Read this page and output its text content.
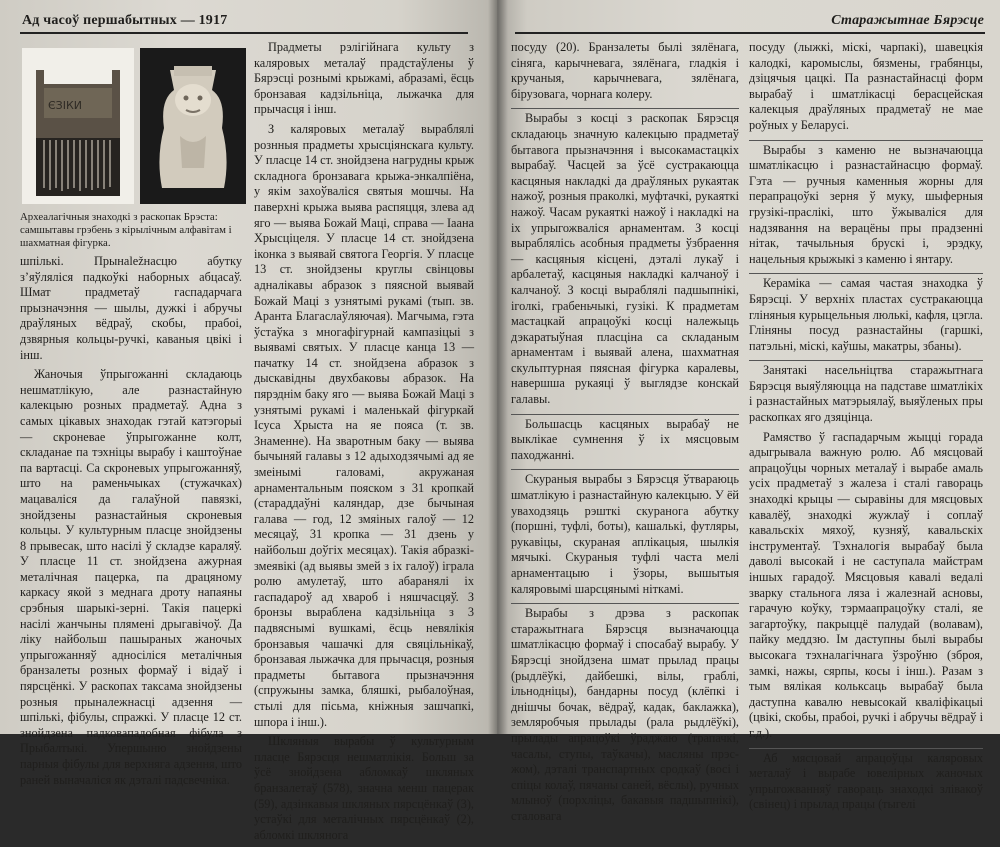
Ад часоў першабытных — 1917
ЄЗІКИ
Археалагічныя знаходкі з раскопак Брэста: самшытавы грэбень з кірылічным алфавітам і шахматная фігурка.

шпількі. Прынаležнасцю абутку з’яўляліся падкоўкі наборных абцасаў. Шмат прадметаў гаспадарчага прызначэння — шылы, дужкі і абручы драўляных вёдраў, скобы, прабоі, дзвярныя кольцы-ручкі, каваныя цвікі і інш.

Жаночыя ўпрыгожанні складаюць нешматлікую, але разнастайную калекцыю розных прадметаў. Адна з самых цікавых знаходак гэтай катэгорыі — скроневае ўпрыгожанне колт, складанае па тэхніцы вырабу і каштоўнае па вартасці. Са скроневых упрыгожанняў, што на раменьчыках (стужачках) мацаваліся да галаўной павязкі, знойдзены разнастайныя скроневыя кольцы. У культурным пласце знойдзены 8 прывесак, што насілі ў складзе караляў. У пласце 11 ст. знойдзена ажурная металічная пацерка, па драцяному каркасу якой з меднага дроту напаяны срэбныя шарыкі-зерні. Такія пацеркі насілі жанчыны плямені дрыгавічоў. Да ліку найбольш пашыраных жаночых упрыгожанняў адносіліся металічныя бранзалеты розных формаў і відаў і пярсцёнкі. У раскопах таксама знойдзены розныя прыналежнасці адзення — шпількі, фібулы, спражкі. У пласце 12 ст. знойдзена падковападобная фібула з Прыбалтыкі. Упершыню знойдзены парныя фібулы для верхняга адзення, што раней выначаліся як дэталі падсвечніка.

Прадметы рэлігійнага культу з каляровых металаў прадстаўлены ў Бярэсці рознымі крыжамі, абразамі, ёсць бронзавая кадзільніца, лыжачка для прычасця і інш.

З каляровых металаў выраблялі рознныя прадметы хрысціянскага культу. У пласце 14 ст. знойдзена нагрудны крыж складнога бронзавага крыжа-энкалпіёна, у якім захоўваліся святыя мошчы. На паверхні крыжа выява распяцця, злева ад яго — выява Божай Маці, справа — Іаана Хрысціцеля. У пласце 14 ст. знойдзена іконка з выявай святога Георгія. У пласце 13 ст. знойдзены круглы свінцовы адналiкавы абразок з пяясной выявай Божай Маці з узнятымі рукамі (тып. зв. Аранта Благаслаўляючая). Магчыма, гэта ўстаўка з многафігурнай кампазіцыі з выявамі святых. У пласце канца 13 — пачатку 14 ст. знойдзена абразок з дыскавідны двухбаковы абразок. На пярэднім баку яго — выява Божай Маці з узнятымі рукамі і маленькай фігуркай Ісуса Хрыста на яе пояса (т. зв. Знаменне). На зваротным баку — выява бычыняй галавы з 12 адыходзячымі ад яе змеінымі галовамі, акружаная арнаментальным пояском з 31 кропкай (стараддаўні каляндар, дзе бычыная галава — год, 12 змяіных галоў — 12 месяцаў, 31 кропка — 31 дзень у найбольш доўгіх месяцах). Такія абразкі-змеявікі (ад выявы змей з іх галоў) іграла ролю амулетаў, што абаранялі іх гаспадароў ад хвароб і няшчасцяў. З бронзы выраблена кадзільніца з 3 падвяснымі вушкамі, ёсць невялікія бронзавыя чашачкі для свяцільнікаў, бронзавая лыжачка для прычасця, розныя прадметы бытавога прызначэння (спружыны замка, бляшкі, рыбалоўная, стылі для пісьма, кніжныя зашчапкі, шпора і інш.).

Шкляныя вырабы ў культурным пласце Бярэсця нешматлікія. Больш за ўсё знойдзена абломкаў шкляных бранзалетаў (578), значна менш пацерак (59), адзінкавыя шкляных пярсцёнкаў (3), устаўкі для металічных пярсцёнкаў (2), абломкі шклянога

Старажытнае Бярэсце

посуду (20). Бранзалеты былі зялёнага, сіняга, карычневага, зялёнага, гладкія і кручаныя, карычневага, зялёнага, бірузовага, чорнага колеру.

Вырабы з косці з раскопак Бярэсця складаюць значную калекцыю прадметаў бытавога прызначэння і высокамастацкіх вырабаў. Часцей за ўсё сустракаюцца касцяныя накладкі да драўляных рукаятак нажоў, розныя праколкі, муфтачкі, рукаяткі нажоў. Часам рукаяткі нажоў і накладкі на іх упрыгожваліся арнаментам. З косці выраблялісь асобныя прадметы ўзбраення — касцяныя кісцені, дэталі лукаў і арбалетаў, касцяныя накладкі калчаноў і калчаноў. З косці выраблялі падшыпнікі, іголкі, грабеньчыкі, гузікі. К прадметам мастацкай апрацоўкі косці належыць дэкаратыўная пласціна са складаным арнаментам і выявай алена, шахматная скульптурная пяясная фігурка каралевы, навершша рукаяці ў выглядзе конскай галавы.

Большасць касцяных вырабаў не выклікае сумнення ў іх мясцовым паходжанні.

Скураныя вырабы з Бярэсця ўтвараюць шматлікую і разнастайную калекцыю. У ёй уваходзяць рэшткі скуранога абутку (поршні, туфлі, боты), кашалькі, футляры, рукавіцы, скураная аплікацыя, шылкія мячыкі. Скураныя туфлі часта мелі арнаментацыю і ўзоры, вышытыя каляровымі шарсцянымі ніткамі.

Вырабы з дрэва з раскопак старажытнага Бярэсця вызначаюцца шматлікасцю формаў і спосабаў вырабу. У Бярэсці знойдзена шмат прылад працы (рыдлёўкі, дайбешкі, вілы, граблі, ільнодніцы), бандарны посуд (клёпкі і днішчы бочак, вёдраў, кадак, баклажка), земляробчыя прылады (рала рыдлёўкі), прылады апрацоўкі ўраджаю (трапачкі, часалы, ступы, таўкачы), масляны прэс-жом), дэталі транспартных сродкаў (восі і спіцы колаў, пячаны саней, вёслы), ручных млыноў (порхліцы, бакавыя падшыпнікі), сталовага

посуду (лыжкі, міскі, чарпакі), шавецкія калодкі, каромыслы, бязмены, грабянцы, дзіцячыя цацкі. Па разнастайнасці форм вырабаў і шматлікасці берасцейская калекцыя драўляных прадметаў не мае роўных у Беларусі.

Вырабы з каменю не вызначаюцца шматлікасцю і разнастайнасцю формаў. Гэта — ручныя каменныя жорны для перапрацоўкі зерня ў муку, шыферныя грузікі-праслікі, што ўжываліся для надзявання на верацёны пры прадзенні нітак, тачыльныя брускі і, эрэдку, нацельныя крыжыкі з каменю і янтару.

Кераміка — самая частая знаходка ў Бярэсці. У верхніх пластах сустракаюцца гліняныя курыцельныя люлькі, кафля, цэгла. Гліняны посуд разнастайны (гаршкі, патэльні, міскі, каўшы, макатры, збаны).

Занятакі насельніцтва старажытнага Бярэсця выяўляюцца на падставе шматлікіх і разнастайных матэрыялаў, выяўленых пры раскопках яго дзяцінца.

Рамяство ў гаспадарчым жыцці горада адыгрывала важную ролю. Аб мясцовай апрацоўцы чорных металаў і вырабе амаль усіх прадметаў з жалеза і сталі гавораць знаходкі крыцы — сыравіны для мясцовых кавалёў, знаходкі жужлаў і соплаў кавальскіх мяхоў, кузняў, кавальскіх інструментаў. Тэхналогія вырабаў была даволі высокай і не саступала майстрам іншых гарадоў. Мясцовыя кавалі ведалі зварку стальнога ляза і жалезнай асновы, гарачую коўку, тэрмаапрацоўку сталі, яе загартоўку, пакрыццё палудай (волавам), пайку меддзю. Ім даступны былі вырабы высокага тэхналагічнага ўзроўню (зброя, замкі, нажы, сярпы, косы і інш.). Разам з тым вялікая кольксаць вырабаў была даступна кавалю невысокай кваліфікацыі (цвікі, скобы, прабоі, ручкі і абручы вёдраў і г.д.).

Аб мясцовай апрацоўцы каляровых металаў і вырабе ювелірных жаночых упрыгожванняў гавораць знаходкі злівакоў (свінец) і прылад працы (тыгелі
